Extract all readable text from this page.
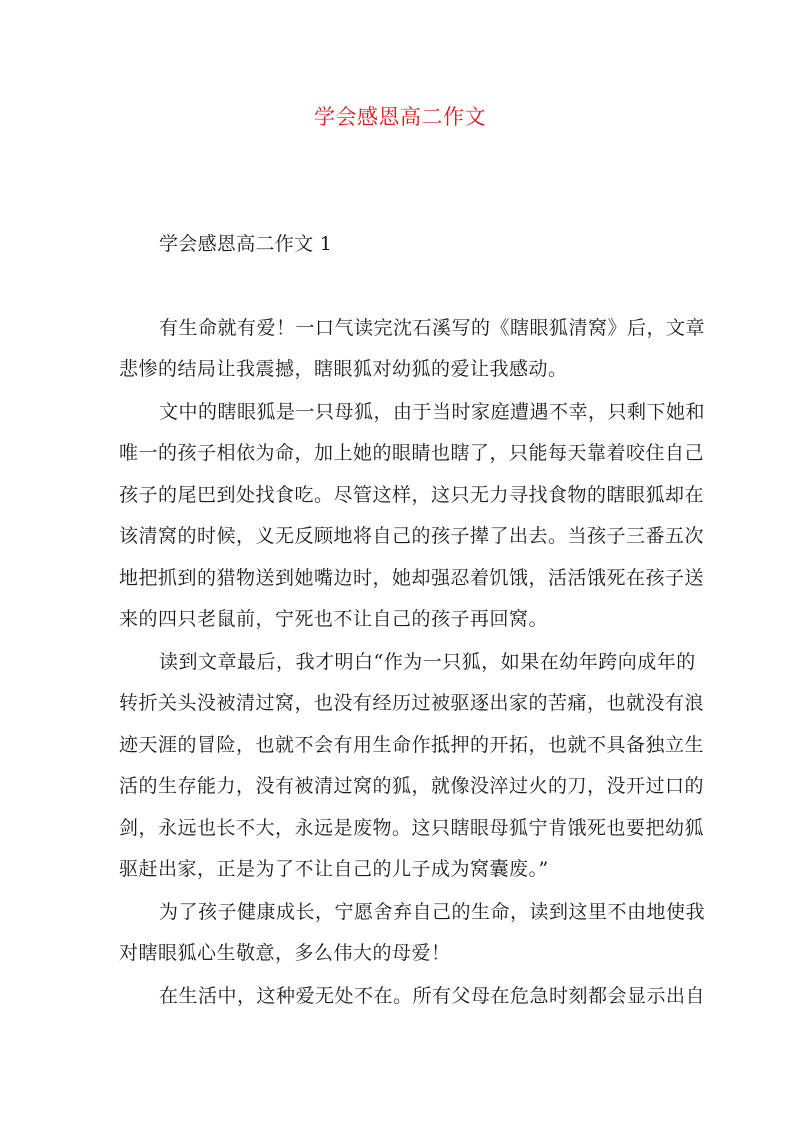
学会感恩高二作文
学会感恩高二作文 1
有生命就有爱！一口气读完沈石溪写的《瞎眼狐清窝》后，文章
悲惨的结局让我震撼，瞎眼狐对幼狐的爱让我感动。
文中的瞎眼狐是一只母狐，由于当时家庭遭遇不幸，只剩下她和
唯一的孩子相依为命，加上她的眼睛也瞎了，只能每天靠着咬住自己
孩子的尾巴到处找食吃。尽管这样，这只无力寻找食物的瞎眼狐却在
该清窝的时候，义无反顾地将自己的孩子撵了出去。当孩子三番五次
地把抓到的猎物送到她嘴边时，她却强忍着饥饿，活活饿死在孩子送
来的四只老鼠前，宁死也不让自己的孩子再回窝。
读到文章最后，我才明白“作为一只狐，如果在幼年跨向成年的
转折关头没被清过窝，也没有经历过被驱逐出家的苦痛，也就没有浪
迹天涯的冒险，也就不会有用生命作抵押的开拓，也就不具备独立生
活的生存能力，没有被清过窝的狐，就像没淬过火的刀，没开过口的
剑，永远也长不大，永远是废物。这只瞎眼母狐宁肯饿死也要把幼狐
驱赶出家，正是为了不让自己的儿子成为窝囊废。”
为了孩子健康成长，宁愿舍弃自己的生命，读到这里不由地使我
对瞎眼狐心生敬意，多么伟大的母爱！
在生活中，这种爱无处不在。所有父母在危急时刻都会显示出自
